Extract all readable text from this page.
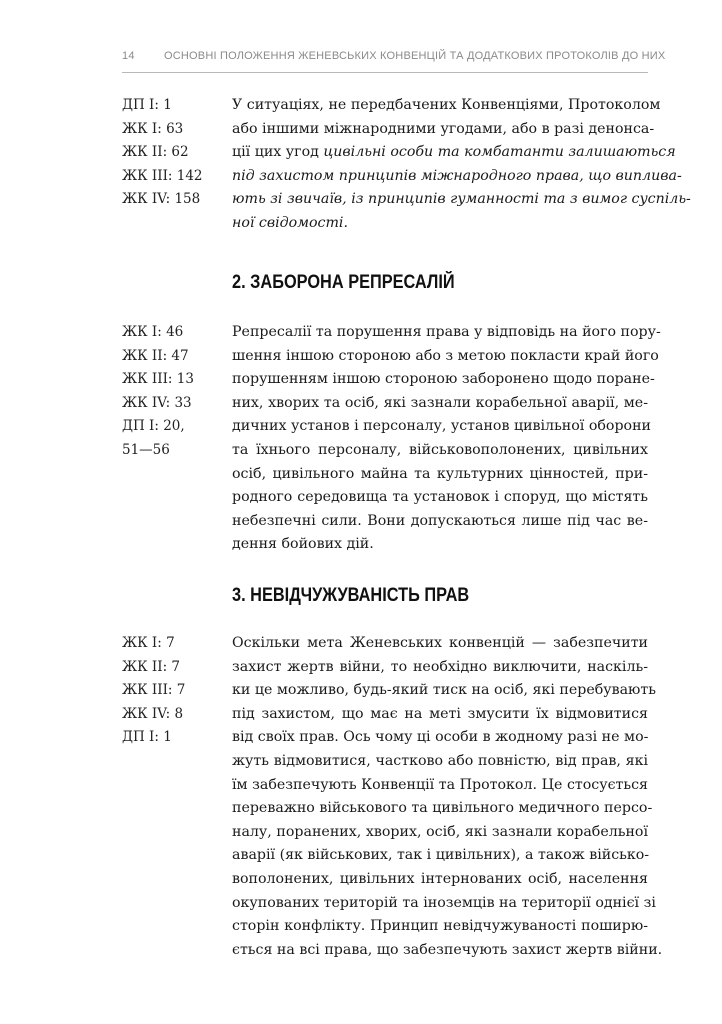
14	ОСНОВНІ ПОЛОЖЕННЯ ЖЕНЕВСЬКИХ КОНВЕНЦІЙ ТА ДОДАТКОВИХ ПРОТОКОЛІВ ДО НИХ
ДП I: 1
ЖК I: 63
ЖК II: 62
ЖК III: 142
ЖК IV: 158
У ситуаціях, не передбачених Конвенціями, Протоколом
або іншими міжнародними угодами, або в разі денонса-
ції цих угод цивільні особи та комбатанти залишаються
під захистом принципів міжнародного права, що виплива-
ють зі звичаїв, із принципів гуманності та з вимог суспіль-
ної свідомості.
2. ЗАБОРОНА РЕПРЕСАЛІЙ
ЖК I: 46
ЖК II: 47
ЖК III: 13
ЖК IV: 33
ДП I: 20,
51—56
Репресалії та порушення права у відповідь на його пору-
шення іншою стороною або з метою покласти край його
порушенням іншою стороною заборонено щодо поране-
них, хворих та осіб, які зазнали корабельної аварії, ме-
дичних установ і персоналу, установ цивільної оборони
та їхнього персоналу, військовополонених, цивільних
осіб, цивільного майна та культурних цінностей, при-
родного середовища та установок і споруд, що містять
небезпечні сили. Вони допускаються лише під час ве-
дення бойових дій.
3. НЕВІДЧУЖУВАНІСТЬ ПРАВ
ЖК I: 7
ЖК II: 7
ЖК III: 7
ЖК IV: 8
ДП I: 1
Оскільки мета Женевських конвенцій — забезпечити
захист жертв війни, то необхідно виключити, наскіль-
ки це можливо, будь-який тиск на осіб, які перебувають
під захистом, що має на меті змусити їх відмовитися
від своїх прав. Ось чому ці особи в жодному разі не мо-
жуть відмовитися, частково або повністю, від прав, які
їм забезпечують Конвенції та Протокол. Це стосується
переважно військового та цивільного медичного персо-
налу, поранених, хворих, осіб, які зазнали корабельної
аварії (як військових, так і цивільних), а також військо-
вополонених, цивільних інтернованих осіб, населення
окупованих територій та іноземців на території однієї зі
сторін конфлікту. Принцип невідчужуваності поширю-
ється на всі права, що забезпечують захист жертв війни.
